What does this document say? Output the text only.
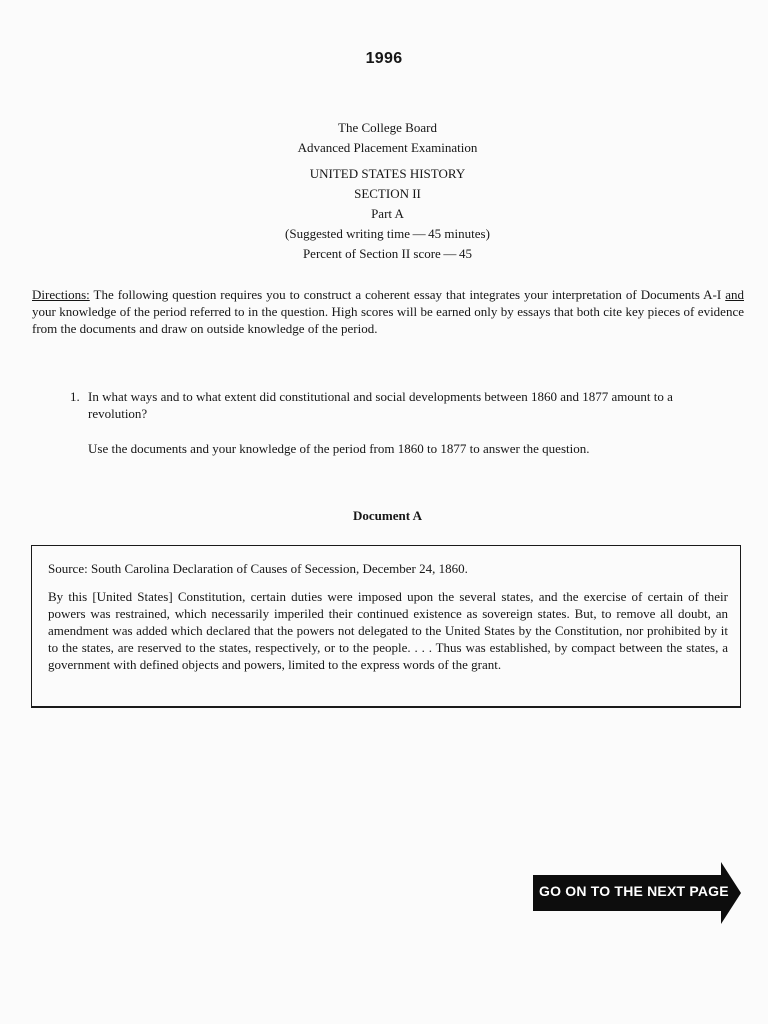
1996
The College Board
Advanced Placement Examination
UNITED STATES HISTORY
SECTION II
Part A
(Suggested writing time — 45 minutes)
Percent of Section II score — 45
Directions: The following question requires you to construct a coherent essay that integrates your interpretation of Documents A-I and your knowledge of the period referred to in the question. High scores will be earned only by essays that both cite key pieces of evidence from the documents and draw on outside knowledge of the period.
1. In what ways and to what extent did constitutional and social developments between 1860 and 1877 amount to a revolution?
Use the documents and your knowledge of the period from 1860 to 1877 to answer the question.
Document A
Source: South Carolina Declaration of Causes of Secession, December 24, 1860.
By this [United States] Constitution, certain duties were imposed upon the several states, and the exercise of certain of their powers was restrained, which necessarily imperiled their continued existence as sovereign states. But, to remove all doubt, an amendment was added which declared that the powers not delegated to the United States by the Constitution, nor prohibited by it to the states, are reserved to the states, respectively, or to the people. . . . Thus was established, by compact between the states, a government with defined objects and powers, limited to the express words of the grant.
GO ON TO THE NEXT PAGE
